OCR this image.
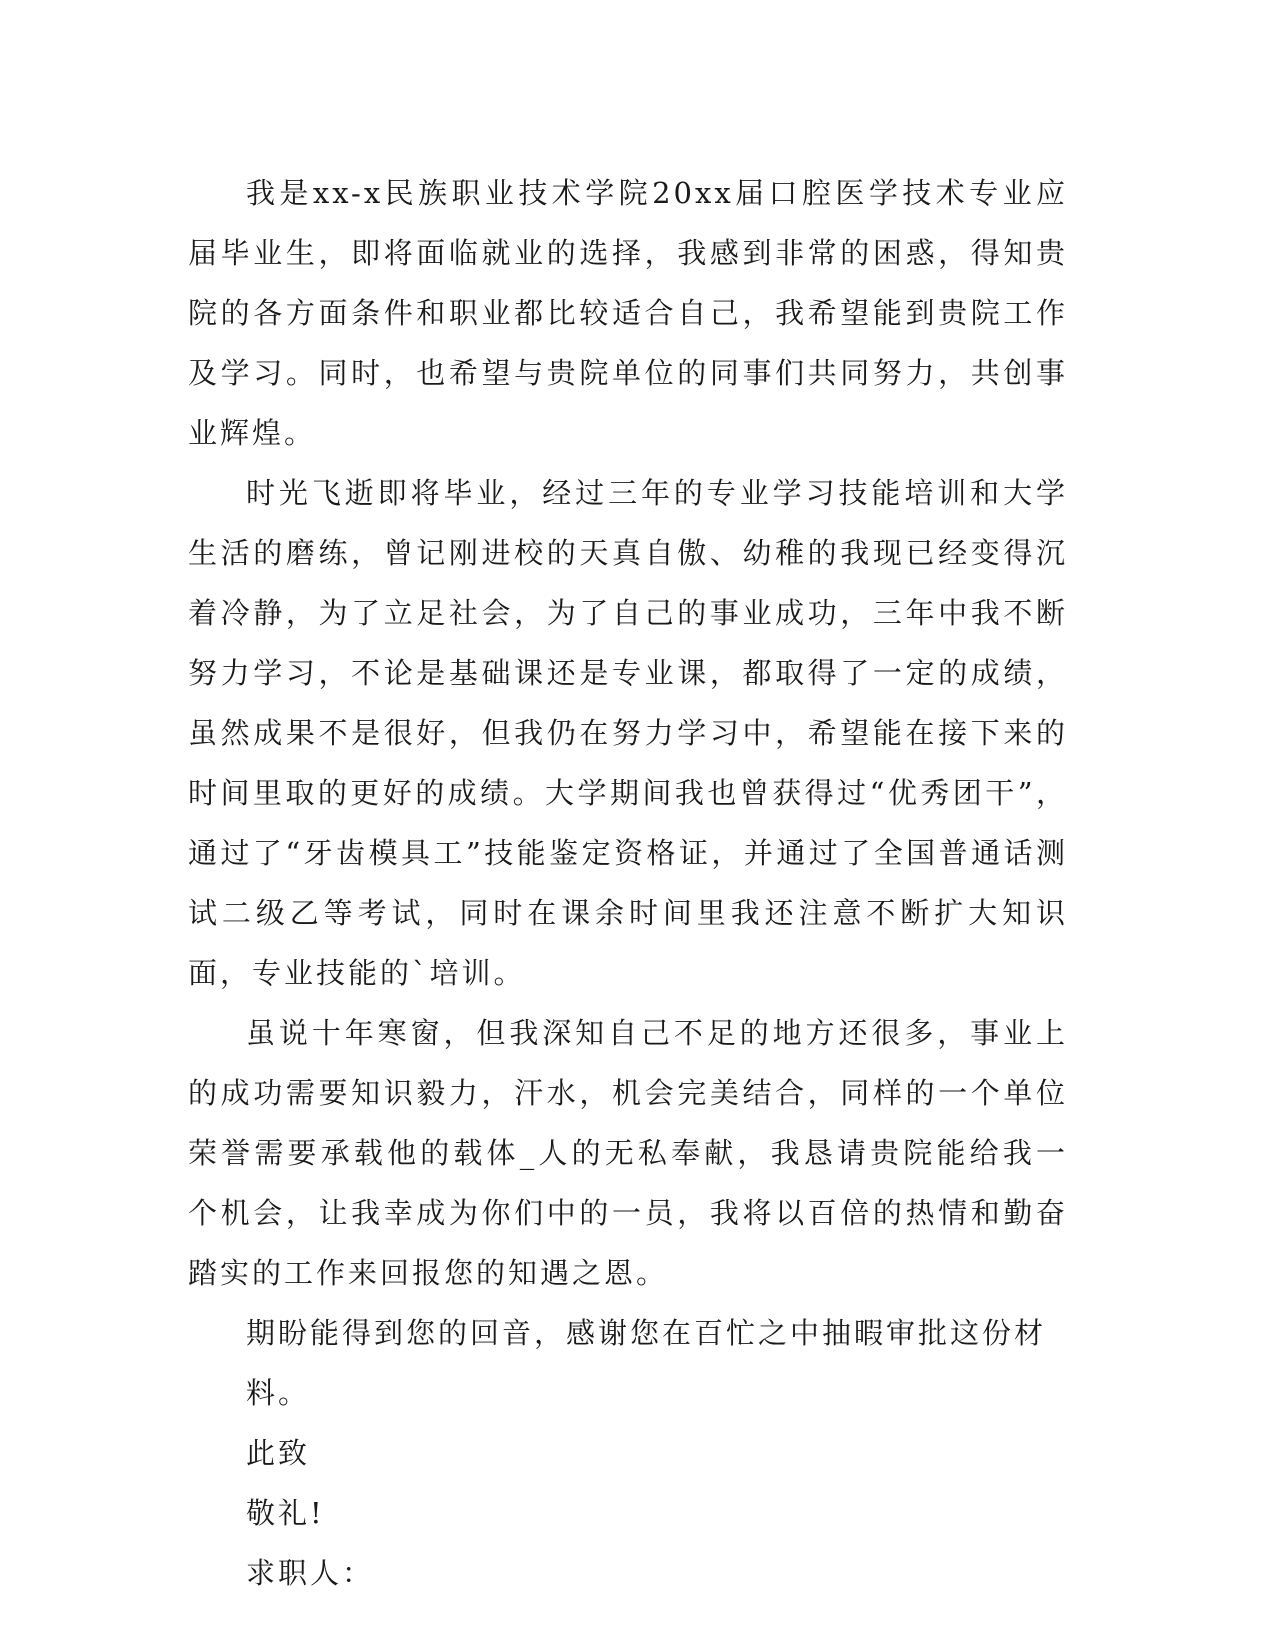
我是xx-x民族职业技术学院20xx届口腔医学技术专业应届毕业生，即将面临就业的选择，我感到非常的困惑，得知贵院的各方面条件和职业都比较适合自己，我希望能到贵院工作及学习。同时，也希望与贵院单位的同事们共同努力，共创事业辉煌。

时光飞逝即将毕业，经过三年的专业学习技能培训和大学生活的磨练，曾记刚进校的天真自傲、幼稚的我现已经变得沉着冷静，为了立足社会，为了自己的事业成功，三年中我不断努力学习，不论是基础课还是专业课，都取得了一定的成绩，虽然成果不是很好，但我仍在努力学习中，希望能在接下来的时间里取的更好的成绩。大学期间我也曾获得过“优秀团干”，通过了“牙齿模具工”技能鉴定资格证，并通过了全国普通话测试二级乙等考试，同时在课余时间里我还注意不断扩大知识面，专业技能的`培训。

虽说十年寒窗，但我深知自己不足的地方还很多，事业上的成功需要知识毅力，汗水，机会完美结合，同样的一个单位荣誉需要承载他的载体_人的无私奉献，我恳请贵院能给我一个机会，让我幸成为你们中的一员，我将以百倍的热情和勤奋踏实的工作来回报您的知遇之恩。

期盼能得到您的回音，感谢您在百忙之中抽暇审批这份材料。

此致

敬礼!

求职人：
